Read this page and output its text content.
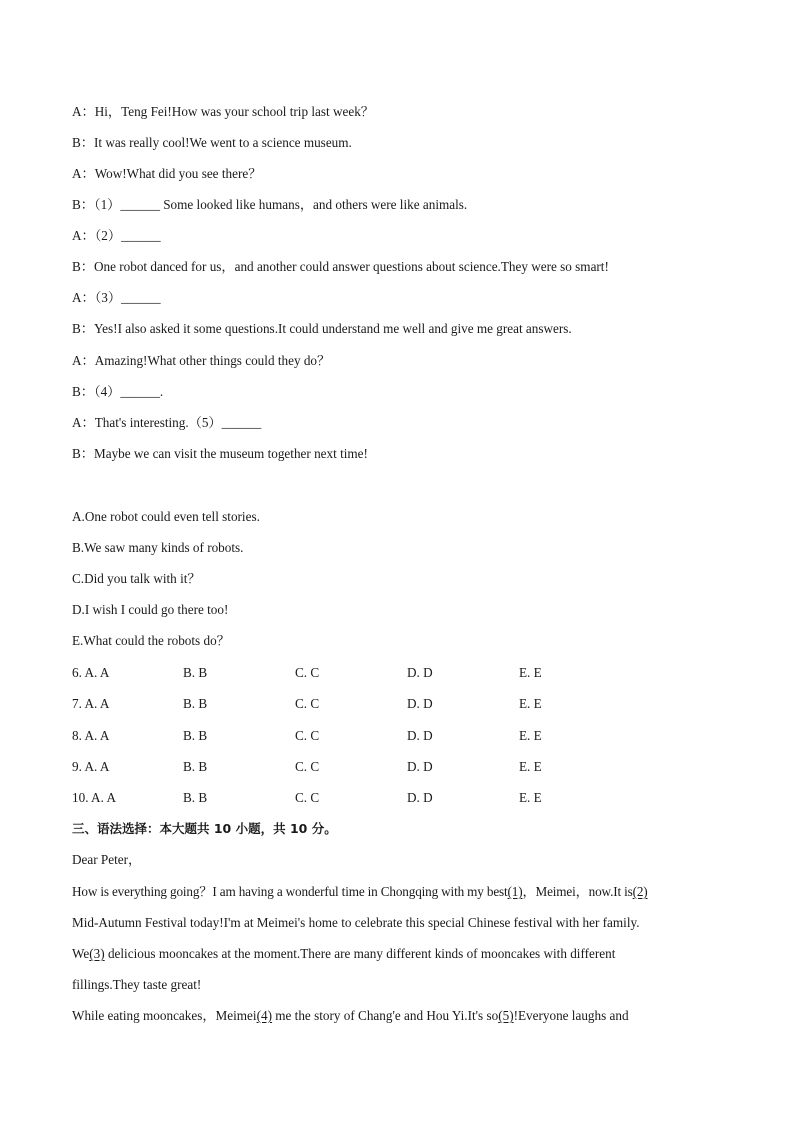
A：Hi，Teng Fei!How was your school trip last week？
B：It was really cool!We went to a science museum.
A：Wow!What did you see there？
B：（1）______ Some looked like humans，and others were like animals.
A：（2）______
B：One robot danced for us，and another could answer questions about science.They were so smart!
A：（3）______
B：Yes!I also asked it some questions.It could understand me well and give me great answers.
A：Amazing!What other things could they do？
B：（4）______.
A：That's interesting.（5）______
B：Maybe we can visit the museum together next time!
A.One robot could even tell stories.
B.We saw many kinds of robots.
C.Did you talk with it？
D.I wish I could go there too!
E.What could the robots do？
6. A. A	B. B	C. C	D. D	E. E
7. A. A	B. B	C. C	D. D	E. E
8. A. A	B. B	C. C	D. D	E. E
9. A. A	B. B	C. C	D. D	E. E
10. A. A	B. B	C. C	D. D	E. E
三、语法选择：本大题共 10 小题，共 10 分。
Dear Peter，
How is everything going？I am having a wonderful time in Chongqing with my best(1)，Meimei，now.It is(2)
Mid-Autumn Festival today!I'm at Meimei's home to celebrate this special Chinese festival with her family.
We(3) delicious mooncakes at the moment.There are many different kinds of mooncakes with different
fillings.They taste great!
While eating mooncakes，Meimei(4) me the story of Chang'e and Hou Yi.It's so(5)!Everyone laughs and
